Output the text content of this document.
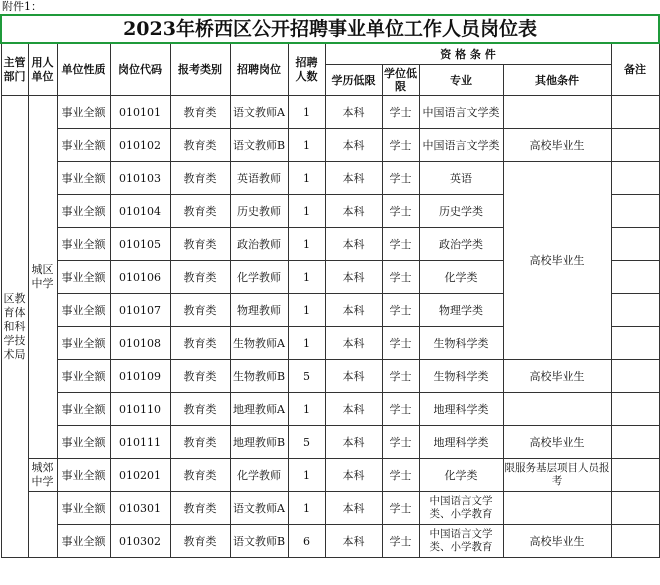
附件1：
2023年桥西区公开招聘事业单位工作人员岗位表											
主管部门	用人单位	单位性质	岗位代码	报考类别	招聘岗位	招聘人数	资 格 条 件				备注
							学历低限	学位低限	专业	其他条件	
区教育体和科学技术局	城区中学	事业全额	010101	教育类	语文教师A	1	本科	学士	中国语言文学类		
		事业全额	010102	教育类	语文教师B	1	本科	学士	中国语言文学类	高校毕业生	
		事业全额	010103	教育类	英语教师	1	本科	学士	英语	高校毕业生	
		事业全额	010104	教育类	历史教师	1	本科	学士	历史学类		
		事业全额	010105	教育类	政治教师	1	本科	学士	政治学类		
		事业全额	010106	教育类	化学教师	1	本科	学士	化学类		
		事业全额	010107	教育类	物理教师	1	本科	学士	物理学类		
		事业全额	010108	教育类	生物教师A	1	本科	学士	生物科学类		
		事业全额	010109	教育类	生物教师B	5	本科	学士	生物科学类	高校毕业生	
		事业全额	010110	教育类	地理教师A	1	本科	学士	地理科学类		
		事业全额	010111	教育类	地理教师B	5	本科	学士	地理科学类	高校毕业生	
	城郊中学	事业全额	010201	教育类	化学教师	1	本科	学士	化学类	限服务基层项目人员报考	
		事业全额	010301	教育类	语文教师A	1	本科	学士	中国语言文学类、小学教育		
		事业全额	010302	教育类	语文教师B	6	本科	学士	中国语言文学类、小学教育	高校毕业生	
